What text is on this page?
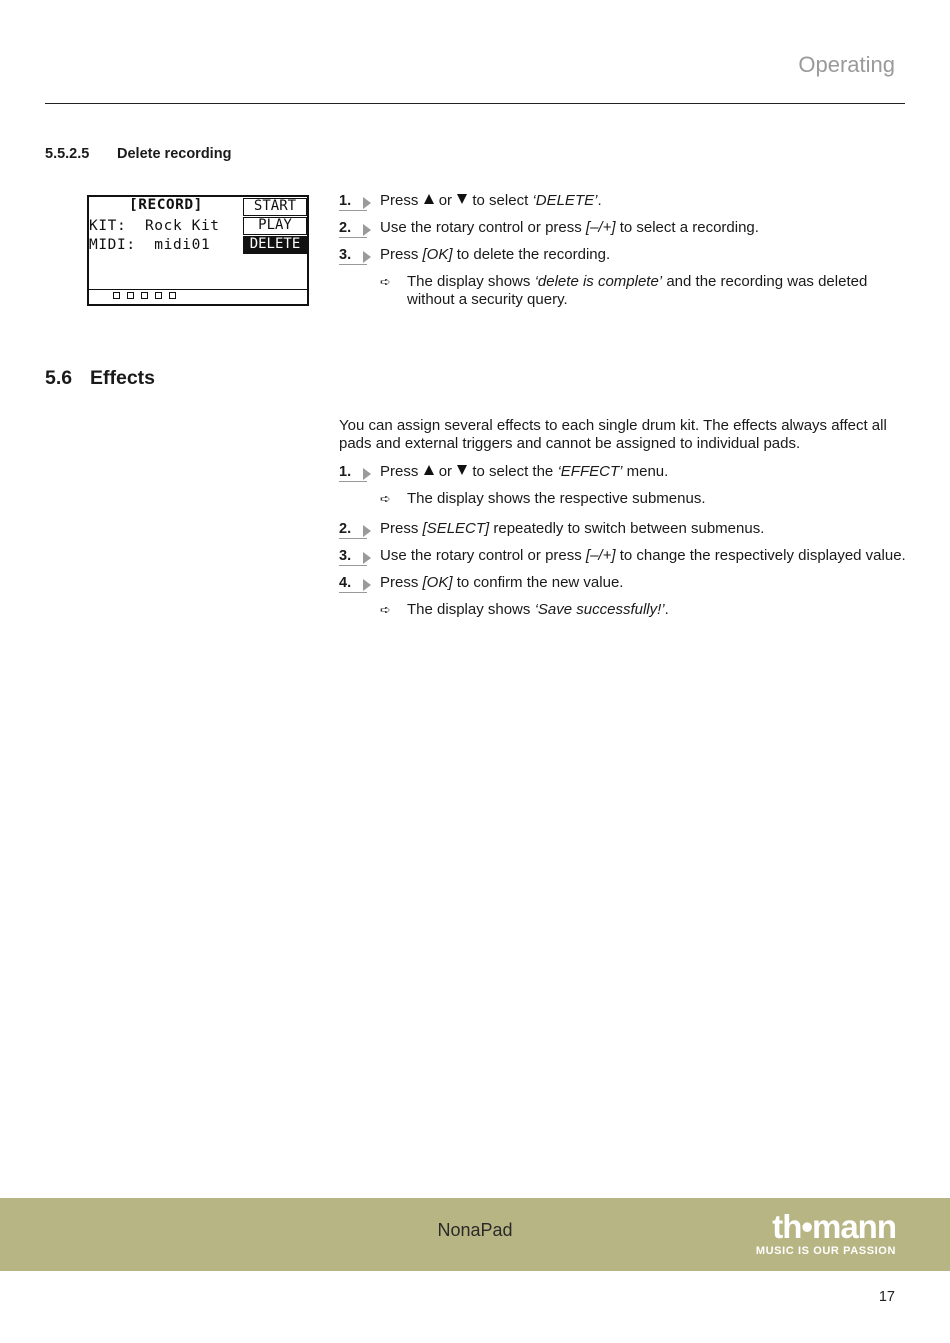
Operating
5.5.2.5 Delete recording
[RECORD]
KIT:  Rock Kit
MIDI:  midi01
START
PLAY
DELETE
1.	Press or to select ‘DELETE’.
2.	Use the rotary control or press [–/+] to select a recording.
3.	Press [OK] to delete the recording.
➪ The display shows ‘delete is complete’ and the recording was deleted
without a security query.
5.6 Effects
You can assign several effects to each single drum kit. The effects always affect all pads and external triggers and cannot be assigned to individual pads.
1.	Press or to select the ‘EFFECT’ menu.
➪ The display shows the respective submenus.
2.	Press [SELECT] repeatedly to switch between submenus.
3.	Use the rotary control or press [–/+] to change the respectively displayed value.
4.	Press [OK] to confirm the new value.
➪ The display shows ‘Save successfully!’.
NonaPad	th•mann
MUSIC IS OUR PASSION
17
